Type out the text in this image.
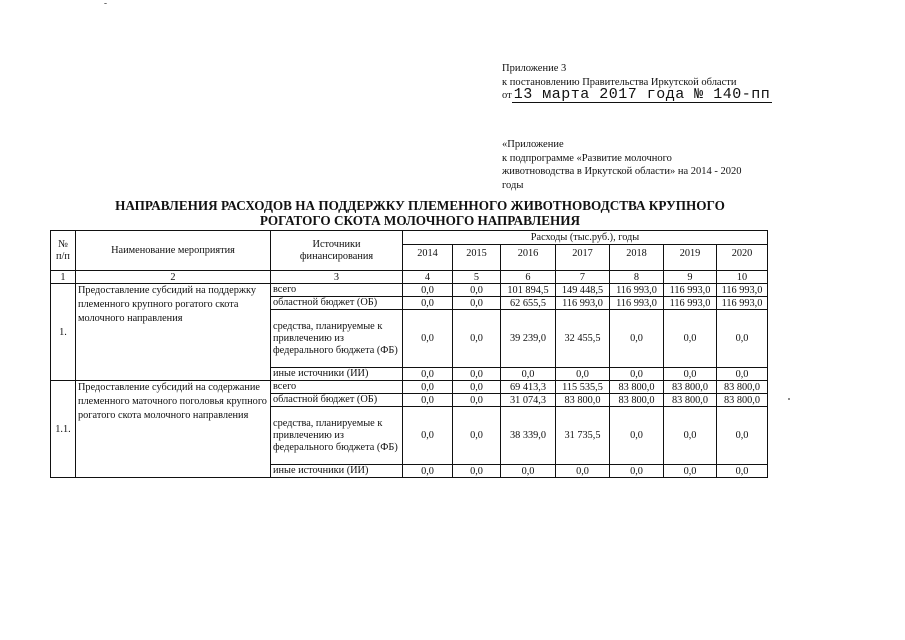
Приложение 3
к постановлению Правительства Иркутской области
от 13 марта 2017 года № 140-пп
«Приложение
к подпрограмме «Развитие молочного
животноводства в Иркутской области» на 2014 - 2020
годы
НАПРАВЛЕНИЯ РАСХОДОВ НА ПОДДЕРЖКУ ПЛЕМЕННОГО ЖИВОТНОВОДСТВА КРУПНОГО
РОГАТОГО СКОТА МОЛОЧНОГО НАПРАВЛЕНИЯ
№ п/п	Наименование мероприятия	Источники финансирования	Расходы (тыс.руб.), годы						
			2014	2015	2016	2017	2018	2019	2020
1	2	3	4	5	6	7	8	9	10
1.	Предоставление субсидий на поддержку племенного крупного рогатого скота молочного направления	всего	0,0	0,0	101 894,5	149 448,5	116 993,0	116 993,0	116 993,0
		областной бюджет (ОБ)	0,0	0,0	62 655,5	116 993,0	116 993,0	116 993,0	116 993,0
		средства, планируемые к привлечению из федерального бюджета (ФБ)	0,0	0,0	39 239,0	32 455,5	0,0	0,0	0,0
		иные источники (ИИ)	0,0	0,0	0,0	0,0	0,0	0,0	0,0
1.1.	Предоставление субсидий на содержание племенного маточного поголовья крупного рогатого скота молочного направления	всего	0,0	0,0	69 413,3	115 535,5	83 800,0	83 800,0	83 800,0
		областной бюджет (ОБ)	0,0	0,0	31 074,3	83 800,0	83 800,0	83 800,0	83 800,0
		средства, планируемые к привлечению из федерального бюджета (ФБ)	0,0	0,0	38 339,0	31 735,5	0,0	0,0	0,0
		иные источники (ИИ)	0,0	0,0	0,0	0,0	0,0	0,0	0,0
